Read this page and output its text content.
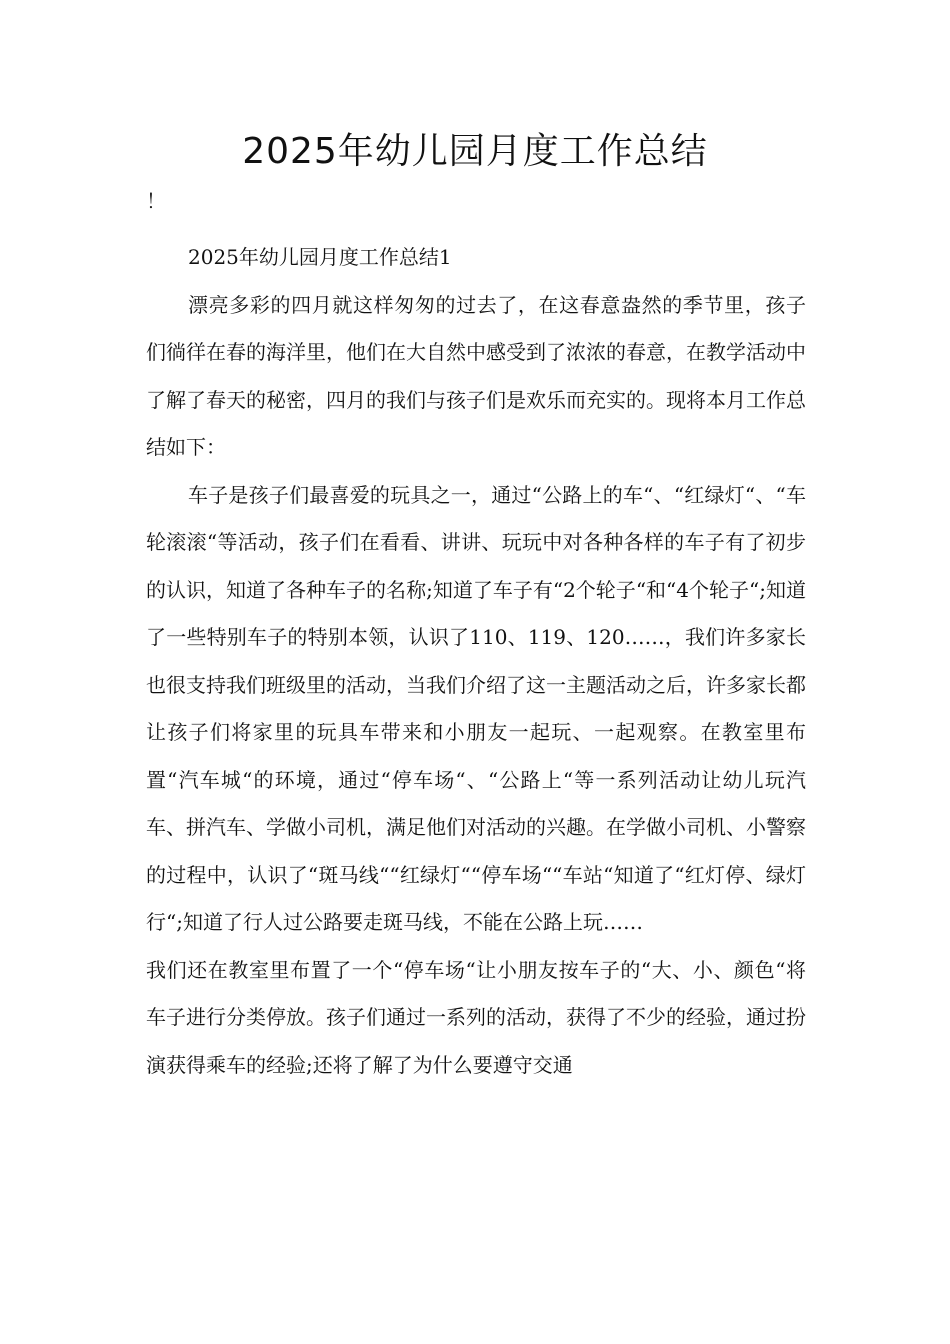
2025年幼儿园月度工作总结
！

2025年幼儿园月度工作总结1

漂亮多彩的四月就这样匆匆的过去了，在这春意盎然的季节里，孩子们徜徉在春的海洋里，他们在大自然中感受到了浓浓的春意，在教学活动中了解了春天的秘密，四月的我们与孩子们是欢乐而充实的。现将本月工作总结如下：

车子是孩子们最喜爱的玩具之一，通过“公路上的车“、“红绿灯“、“车轮滚滚“等活动，孩子们在看看、讲讲、玩玩中对各种各样的车子有了初步的认识，知道了各种车子的名称;知道了车子有“2个轮子“和“4个轮子“;知道了一些特别车子的特别本领，认识了110、119、120……，我们许多家长也很支持我们班级里的活动，当我们介绍了这一主题活动之后，许多家长都让孩子们将家里的玩具车带来和小朋友一起玩、一起观察。在教室里布置“汽车城“的环境，通过“停车场“、“公路上“等一系列活动让幼儿玩汽车、拼汽车、学做小司机，满足他们对活动的兴趣。在学做小司机、小警察的过程中，认识了“斑马线““红绿灯““停车场““车站“知道了“红灯停、绿灯行“;知道了行人过公路要走斑马线，不能在公路上玩……

我们还在教室里布置了一个“停车场“让小朋友按车子的“大、小、颜色“将车子进行分类停放。孩子们通过一系列的活动，获得了不少的经验，通过扮演获得乘车的经验;还将了解了为什么要遵守交通
